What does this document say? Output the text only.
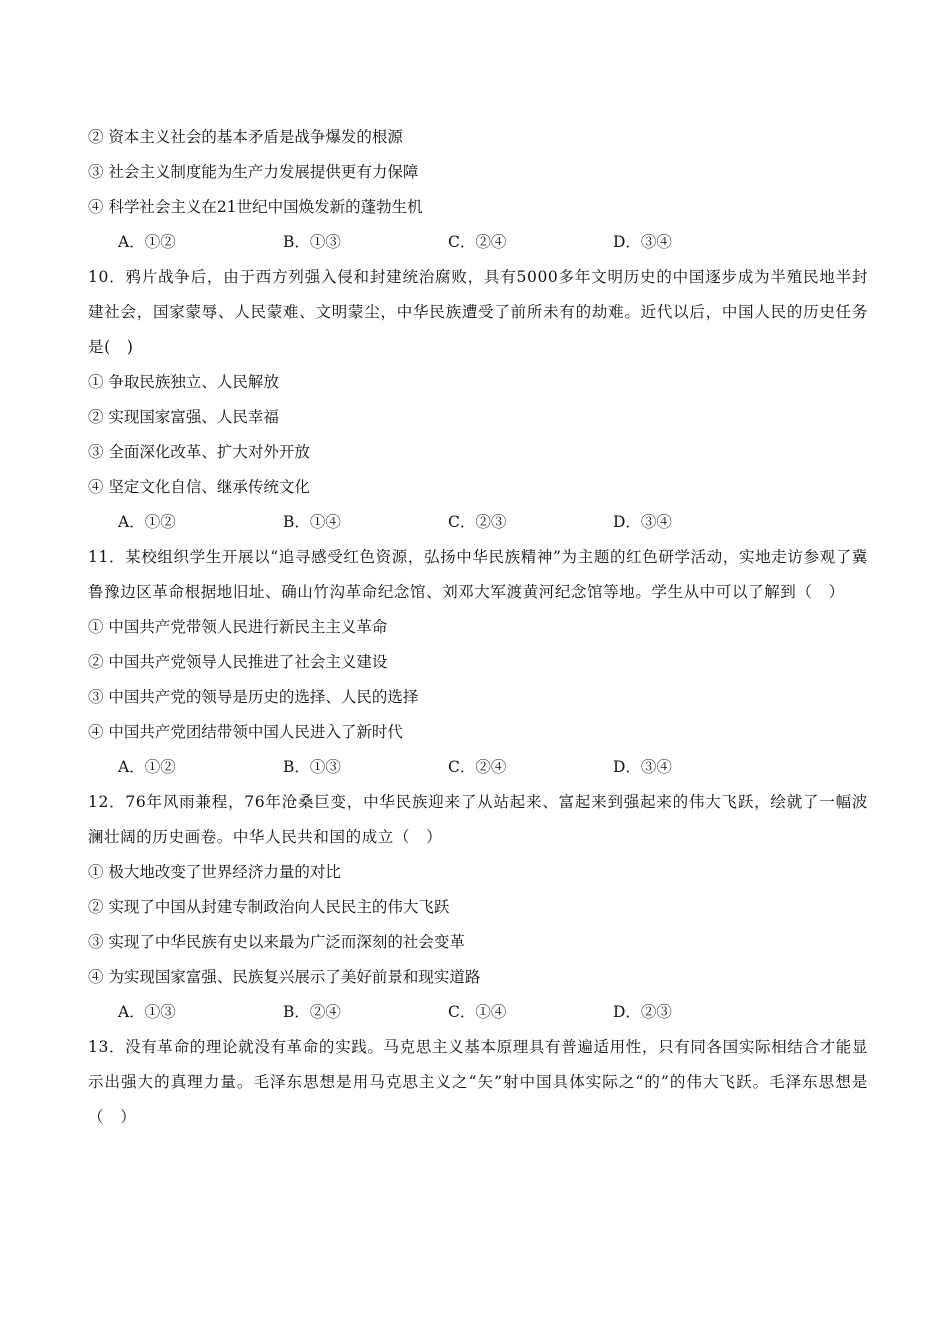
② 资本主义社会的基本矛盾是战争爆发的根源
③ 社会主义制度能为生产力发展提供更有力保障
④ 科学社会主义在21世纪中国焕发新的蓬勃生机
A．①②	B．①③	C．②④	D．③④
10．鸦片战争后，由于西方列强入侵和封建统治腐败，具有5000多年文明历史的中国逐步成为半殖民地半封建社会，国家蒙辱、人民蒙难、文明蒙尘，中华民族遭受了前所未有的劫难。近代以后，中国人民的历史任务是(　)
① 争取民族独立、人民解放
② 实现国家富强、人民幸福
③ 全面深化改革、扩大对外开放
④ 坚定文化自信、继承传统文化
A．①②	B．①④	C．②③	D．③④
11．某校组织学生开展以“追寻感受红色资源，弘扬中华民族精神”为主题的红色研学活动，实地走访参观了冀鲁豫边区革命根据地旧址、确山竹沟革命纪念馆、刘邓大军渡黄河纪念馆等地。学生从中可以了解到（　）
① 中国共产党带领人民进行新民主主义革命
② 中国共产党领导人民推进了社会主义建设
③ 中国共产党的领导是历史的选择、人民的选择
④ 中国共产党团结带领中国人民进入了新时代
A．①②	B．①③	C．②④	D．③④
12．76年风雨兼程，76年沧桑巨变，中华民族迎来了从站起来、富起来到强起来的伟大飞跃，绘就了一幅波澜壮阔的历史画卷。中华人民共和国的成立（　）
① 极大地改变了世界经济力量的对比
② 实现了中国从封建专制政治向人民民主的伟大飞跃
③ 实现了中华民族有史以来最为广泛而深刻的社会变革
④ 为实现国家富强、民族复兴展示了美好前景和现实道路
A．①③	B．②④	C．①④	D．②③
13．没有革命的理论就没有革命的实践。马克思主义基本原理具有普遍适用性，只有同各国实际相结合才能显示出强大的真理力量。毛泽东思想是用马克思主义之“矢”射中国具体实际之“的”的伟大飞跃。毛泽东思想是（　）
